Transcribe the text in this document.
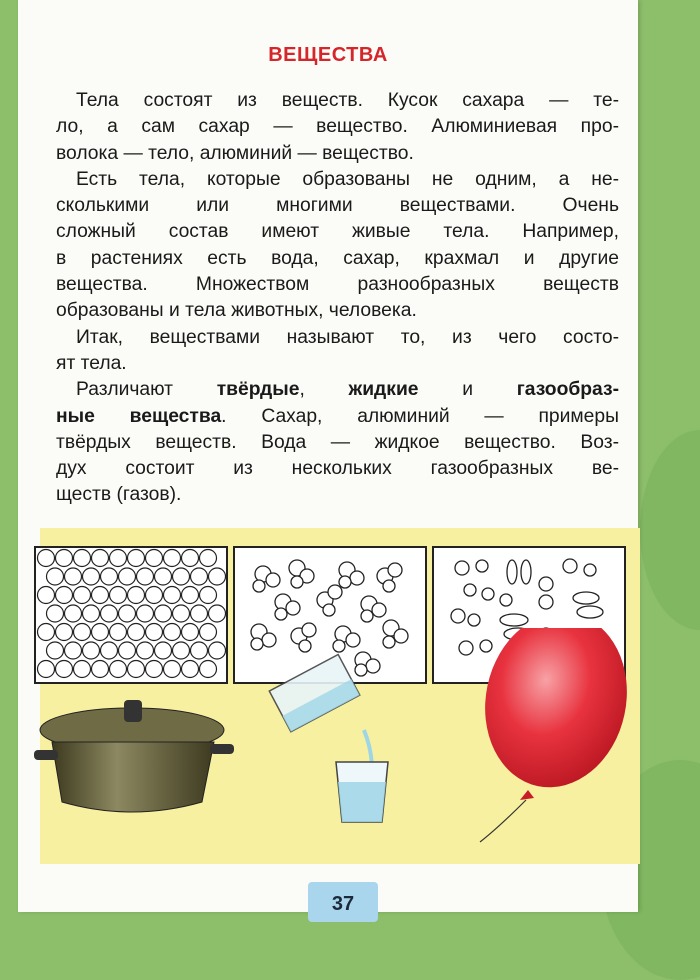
ВЕЩЕСТВА
Тела состоят из веществ. Кусок сахара — те-
ло, а сам сахар — вещество. Алюминиевая про-
волока — тело, алюминий — вещество.
Есть тела, которые образованы не одним, а не-
сколькими или многими веществами. Очень
сложный состав имеют живые тела. Например,
в растениях есть вода, сахар, крахмал и другие
вещества. Множеством разнообразных веществ
образованы и тела животных, человека.
Итак, веществами называют то, из чего состо-
ят тела.
Различают твёрдые, жидкие и газообраз-
ные вещества. Сахар, алюминий — примеры
твёрдых веществ. Вода — жидкое вещество. Воз-
дух состоит из нескольких газообразных ве-
ществ (газов).
37
